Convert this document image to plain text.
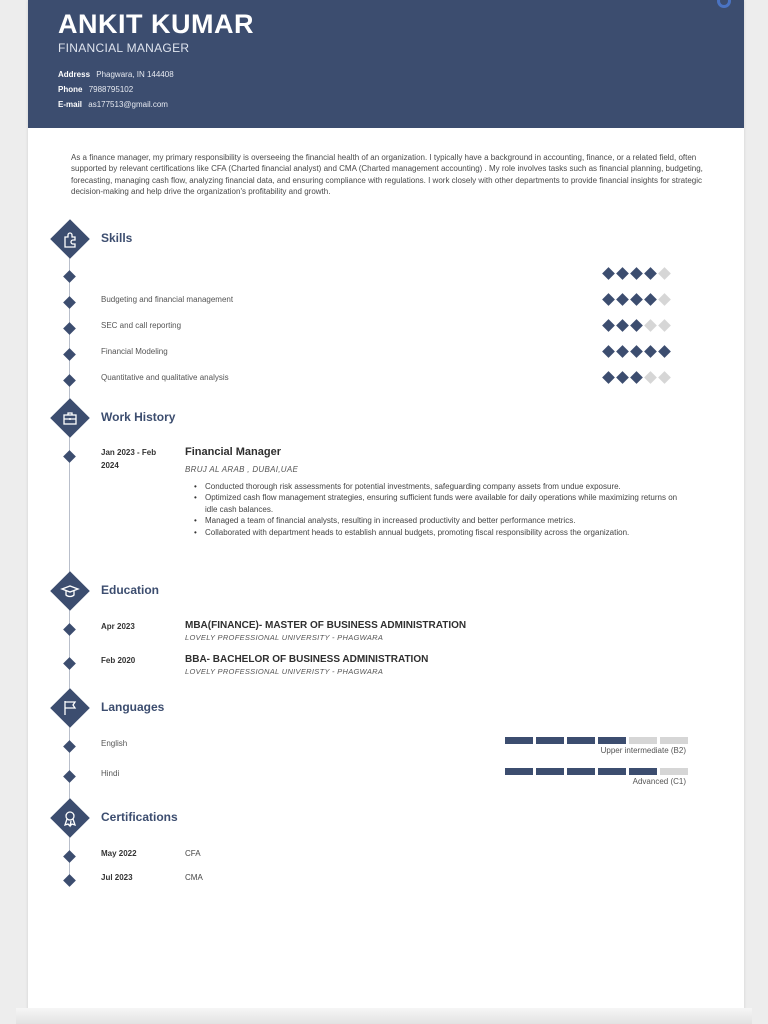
ANKIT KUMAR
FINANCIAL MANAGER
Address Phagwara, IN 144408
Phone 7988795102
E-mail as177513@gmail.com
As a finance manager, my primary responsibility is overseeing the financial health of an organization. I typically have a background in accounting, finance, or a related field, often supported by relevant certifications like CFA (Charted financial analyst) and CMA (Charted management accounting) . My role involves tasks such as financial planning, budgeting, forecasting, managing cash flow, analyzing financial data, and ensuring compliance with regulations. I work closely with other departments to provide financial insights for strategic decision-making and help drive the organization's profitability and growth.
Skills
Budgeting and financial management
SEC and call reporting
Financial Modeling
Quantitative and qualitative analysis
Work History
Jan 2023 - Feb
2024
Financial Manager
BRUJ AL ARAB , DUBAI,UAE
• Conducted thorough risk assessments for potential investments, safeguarding company assets from undue exposure.
• Optimized cash flow management strategies, ensuring sufficient funds were available for daily operations while maximizing returns on idle cash balances.
• Managed a team of financial analysts, resulting in increased productivity and better performance metrics.
• Collaborated with department heads to establish annual budgets, promoting fiscal responsibility across the organization.
Education
Apr 2023	MBA(FINANCE)- MASTER OF BUSINESS ADMINISTRATION
LOVELY PROFESSIONAL UNIVERSITY - PHAGWARA
Feb 2020	BBA- BACHELOR OF BUSINESS ADMINISTRATION
LOVELY PROFESSIONAL UNIVERISTY - PHAGWARA
Languages
English
Upper intermediate (B2)
Hindi
Advanced (C1)
Certifications
May 2022	CFA
Jul 2023	CMA
